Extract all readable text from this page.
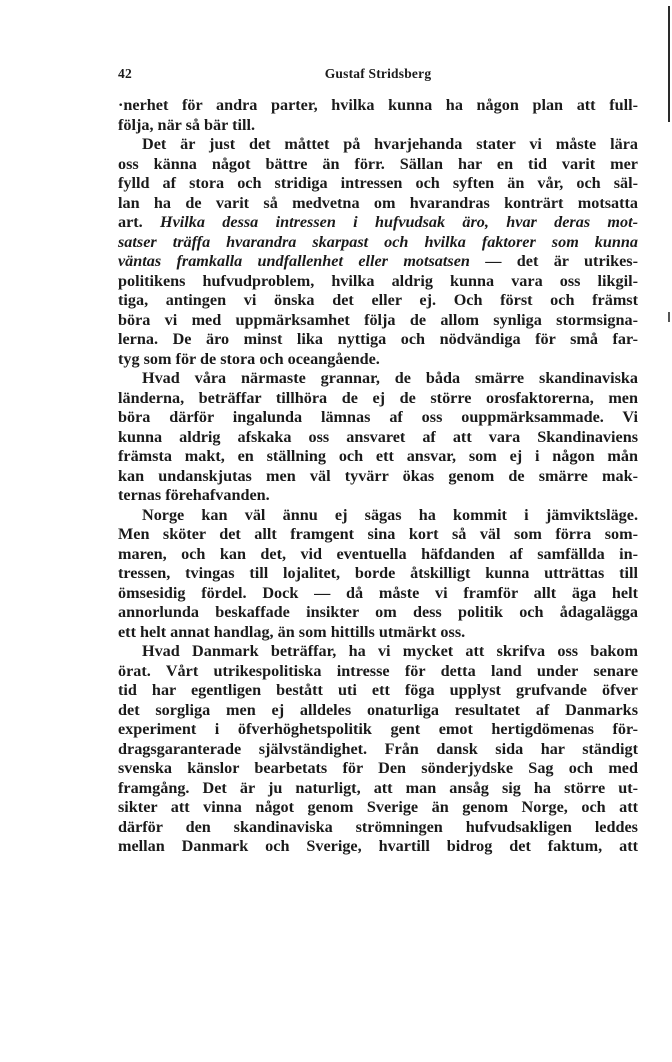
42	Gustaf Stridsberg
·nerhet för andra parter, hvilka kunna ha någon plan att full-
följa, när så bär till.
Det är just det måttet på hvarjehanda stater vi måste lära
oss känna något bättre än förr. Sällan har en tid varit mer
fylld af stora och stridiga intressen och syften än vår, och säl-
lan ha de varit så medvetna om hvarandras konträrt motsatta
art. Hvilka dessa intressen i hufvudsak äro, hvar deras mot-
satser träffa hvarandra skarpast och hvilka faktorer som kunna
väntas framkalla undfallenhet eller motsatsen — det är utrikes-
politikens hufvudproblem, hvilka aldrig kunna vara oss likgil-
tiga, antingen vi önska det eller ej. Och först och främst
böra vi med uppmärksamhet följa de allom synliga stormsigna-
lerna. De äro minst lika nyttiga och nödvändiga för små far-
tyg som för de stora och oceangående.
Hvad våra närmaste grannar, de båda smärre skandinaviska
länderna, beträffar tillhöra de ej de större orosfaktorerna, men
böra därför ingalunda lämnas af oss ouppmärksammade. Vi
kunna aldrig afskaka oss ansvaret af att vara Skandinaviens
främsta makt, en ställning och ett ansvar, som ej i någon mån
kan undanskjutas men väl tyvärr ökas genom de smärre mak-
ternas förehafvanden.
Norge kan väl ännu ej sägas ha kommit i jämviktsläge.
Men sköter det allt framgent sina kort så väl som förra som-
maren, och kan det, vid eventuella häfdanden af samfällda in-
tressen, tvingas till lojalitet, borde åtskilligt kunna utträttas till
ömsesidig fördel. Dock — då måste vi framför allt äga helt
annorlunda beskaffade insikter om dess politik och ådagalägga
ett helt annat handlag, än som hittills utmärkt oss.
Hvad Danmark beträffar, ha vi mycket att skrifva oss bakom
örat. Vårt utrikespolitiska intresse för detta land under senare
tid har egentligen bestått uti ett föga upplyst grufvande öfver
det sorgliga men ej alldeles onaturliga resultatet af Danmarks
experiment i öfverhöghetspolitik gent emot hertigdömenas för-
dragsgaranterade självständighet. Från dansk sida har ständigt
svenska känslor bearbetats för Den sönderjydske Sag och med
framgång. Det är ju naturligt, att man ansåg sig ha större ut-
sikter att vinna något genom Sverige än genom Norge, och att
därför den skandinaviska strömningen hufvudsakligen leddes
mellan Danmark och Sverige, hvartill bidrog det faktum, att
